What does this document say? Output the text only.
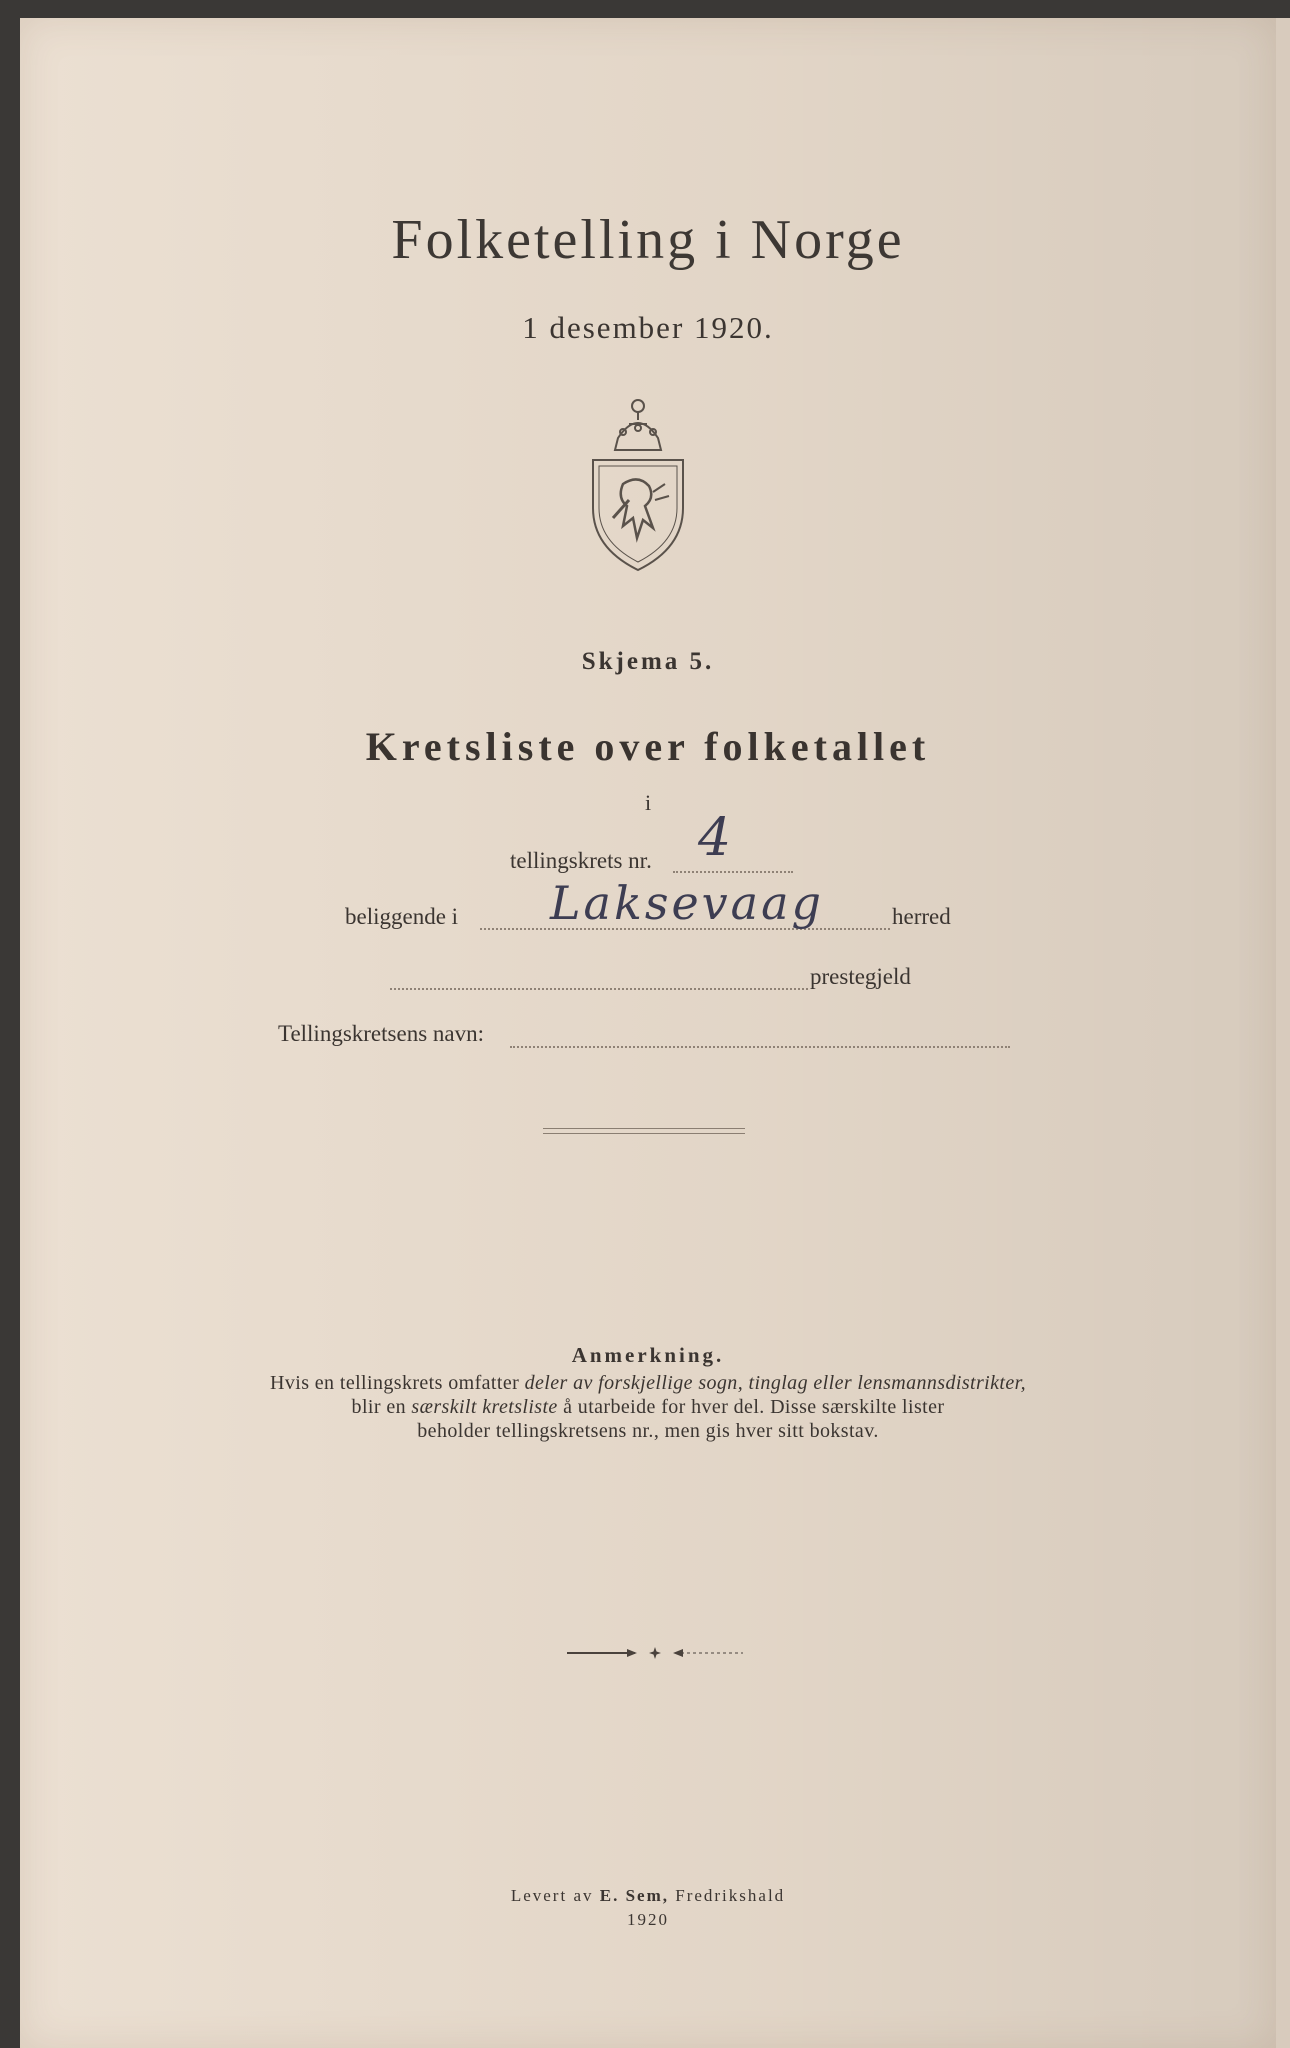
Folketelling i Norge

1 desember 1920.

Skjema 5.

Kretsliste over folketallet

i

tellingskrets nr. 4
beliggende i Laksevaag	herred
prestegjeld
Tellingskretsens navn:

Anmerkning.

Hvis en tellingskrets omfatter deler av forskjellige sogn, tinglag eller lensmannsdistrikter,

blir en særskilt kretsliste å utarbeide for hver del. Disse særskilte lister

beholder tellingskretsens nr., men gis hver sitt bokstav.

Levert av E. Sem, Fredrikshald

1920
